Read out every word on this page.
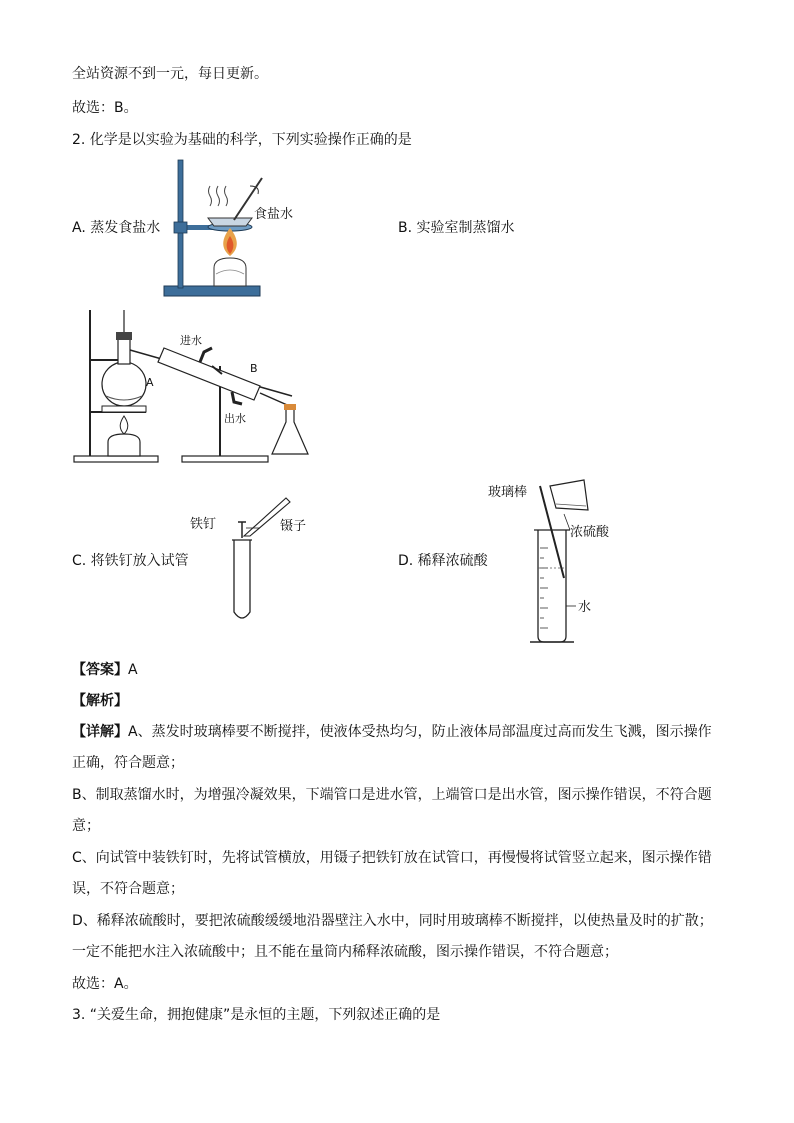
全站资源不到一元，每日更新。
故选：B。
2. 化学是以实验为基础的科学，下列实验操作正确的是
A. 蒸发食盐水	B. 实验室制蒸馏水
C. 将铁钉放入试管	D. 稀释浓硫酸
【答案】A
【解析】
【详解】A、蒸发时玻璃棒要不断搅拌，使液体受热均匀，防止液体局部温度过高而发生飞溅，图示操作
正确，符合题意；
B、制取蒸馏水时，为增强冷凝效果，下端管口是进水管，上端管口是出水管，图示操作错误，不符合题
意；
C、向试管中装铁钉时，先将试管横放，用镊子把铁钉放在试管口，再慢慢将试管竖立起来，图示操作错
误，不符合题意；
D、稀释浓硫酸时，要把浓硫酸缓缓地沿器壁注入水中，同时用玻璃棒不断搅拌，以使热量及时的扩散；
一定不能把水注入浓硫酸中；且不能在量筒内稀释浓硫酸，图示操作错误，不符合题意；
故选：A。
3. “关爱生命，拥抱健康”是永恒的主题，下列叙述正确的是
食盐水
进水
出水
A
B
铁钉	镊子
玻璃棒
浓硫酸
水
